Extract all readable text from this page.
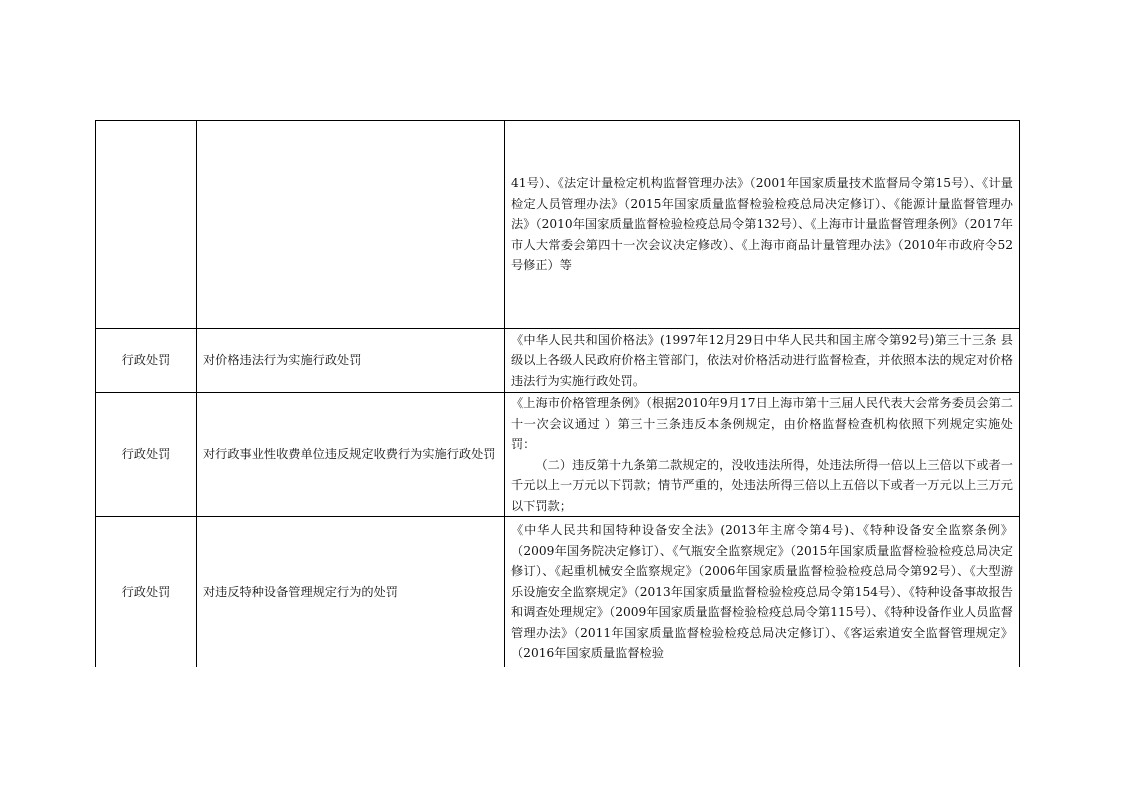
		41号）、《法定计量检定机构监督管理办法》（2001年国家质量技术监督局令第15号）、《计量检定人员管理办法》（2015年国家质量监督检验检疫总局决定修订）、《能源计量监督管理办法》（2010年国家质量监督检验检疫总局令第132号）、《上海市计量监督管理条例》（2017年市人大常委会第四十一次会议决定修改）、《上海市商品计量管理办法》（2010年市政府令52号修正）等

行政处罚	对价格违法行为实施行政处罚	《中华人民共和国价格法》(1997年12月29日中华人民共和国主席令第92号)第三十三条 县级以上各级人民政府价格主管部门，依法对价格活动进行监督检查，并依照本法的规定对价格违法行为实施行政处罚。

行政处罚	对行政事业性收费单位违反规定收费行为实施行政处罚	《上海市价格管理条例》（根据2010年9月17日上海市第十三届人民代表大会常务委员会第二十一次会议通过 ）第三十三条违反本条例规定，由价格监督检查机构依照下列规定实施处罚：

（二）违反第十九条第二款规定的，没收违法所得，处违法所得一倍以上三倍以下或者一千元以上一万元以下罚款；情节严重的，处违法所得三倍以上五倍以下或者一万元以上三万元以下罚款；

行政处罚	对违反特种设备管理规定行为的处罚	《中华人民共和国特种设备安全法》(2013年主席令第4号)、《特种设备安全监察条例》（2009年国务院决定修订）、《气瓶安全监察规定》（2015年国家质量监督检验检疫总局决定修订）、《起重机械安全监察规定》（2006年国家质量监督检验检疫总局令第92号）、《大型游乐设施安全监察规定》（2013年国家质量监督检验检疫总局令第154号）、《特种设备事故报告和调查处理规定》（2009年国家质量监督检验检疫总局令第115号）、《特种设备作业人员监督管理办法》（2011年国家质量监督检验检疫总局决定修订）、《客运索道安全监督管理规定》（2016年国家质量监督检验
